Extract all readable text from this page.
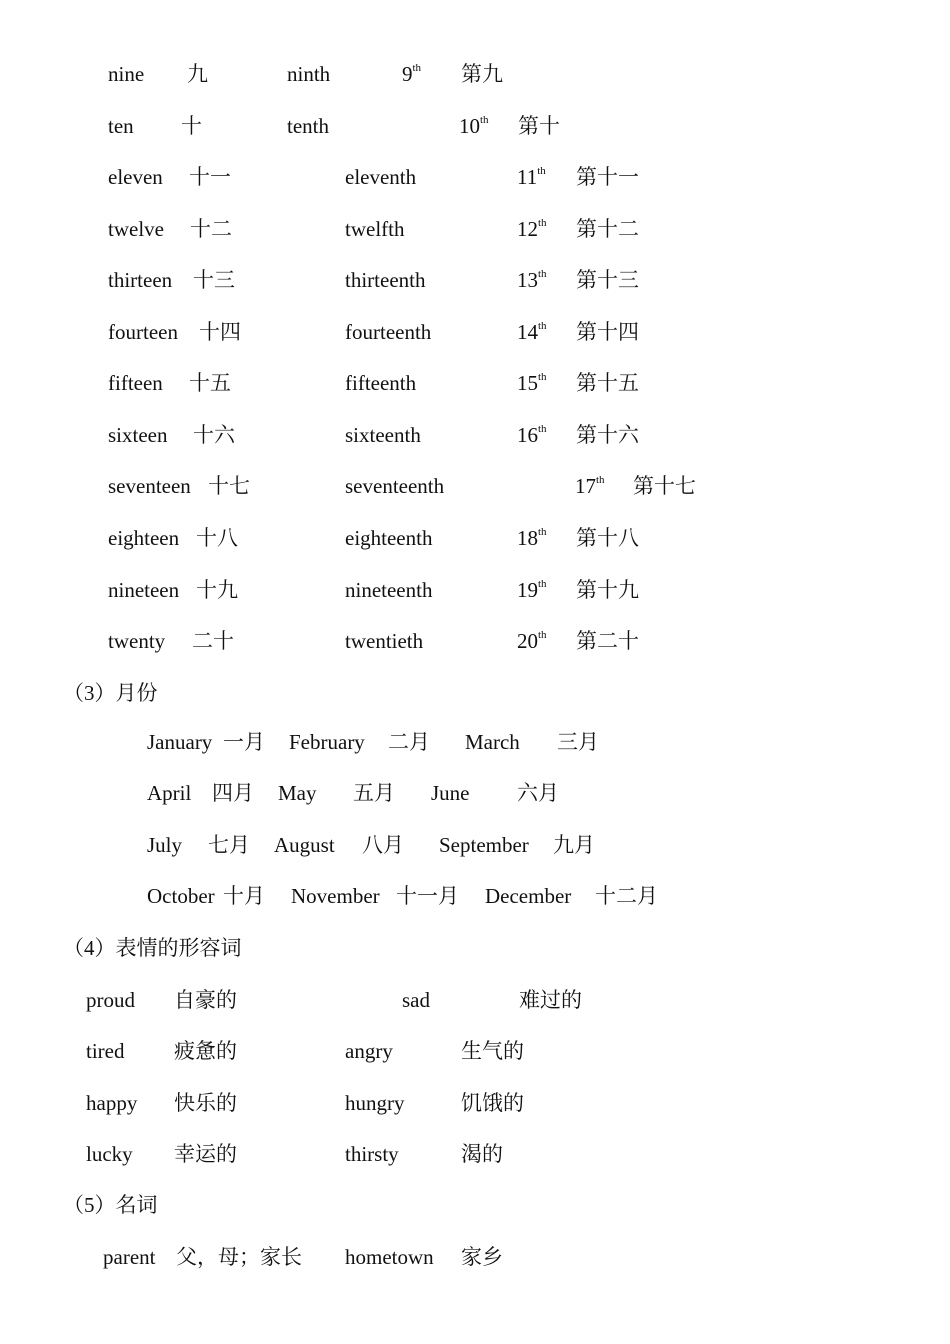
nine 九	ninth	9th 第九
ten 十	tenth	10th 第十
eleven 十一	eleventh	11th 第十一
twelve 十二	twelfth	12th 第十二
thirteen 十三	thirteenth	13th 第十三
fourteen 十四	fourteenth	14th 第十四
fifteen 十五	fifteenth	15th 第十五
sixteen 十六	sixteenth	16th 第十六
seventeen 十七	seventeenth	17th 第十七
eighteen 十八	eighteenth	18th 第十八
nineteen 十九	nineteenth	19th 第十九
twenty 二十	twentieth	20th 第二十
（3）月份
January 一月 February 二月 March 三月
April 四月 May 五月 June 六月
July 七月 August 八月 September 九月
October 十月 November 十一月 December 十二月
（4）表情的形容词
proud 自豪的	sad	难过的
tired 疲惫的	angry	生气的
happy 快乐的	hungry	饥饿的
lucky 幸运的	thirsty	渴的
（5）名词
parent 父，母；家长 hometown 家乡
